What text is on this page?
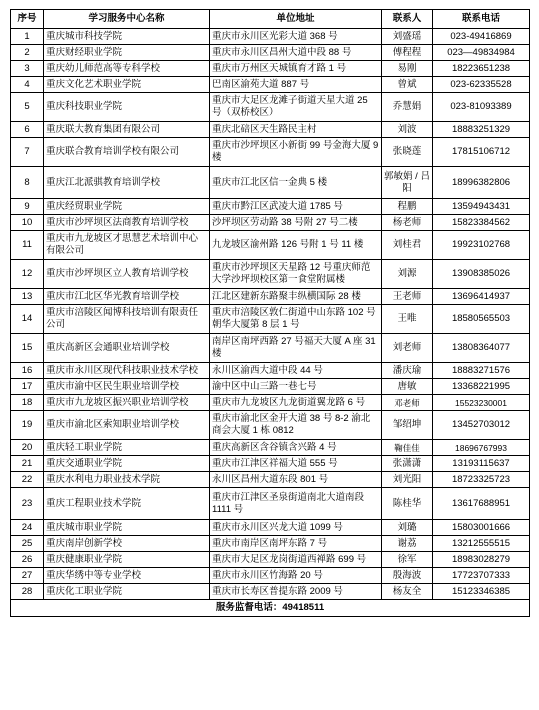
序号	学习服务中心名称	单位地址	联系人	联系电话
1	重庆城市科技学院	重庆市永川区光彩大道 368 号	刘盛瑶	023-49416869
2	重庆财经职业学院	重庆市永川区昌州大道中段 88 号	傅程程	023—49834984
3	重庆幼儿师范高等专科学校	重庆市万州区天城镇育才路 1 号	易刚	18223651238
4	重庆文化艺术职业学院	巴南区渝苑大道 887 号	曾斌	023-62335528
5	重庆科技职业学院	重庆市大足区龙滩子街道天星大道 25 号（双桥校区）	乔慧娟	023-81093389
6	重庆联大教育集团有限公司	重庆北碚区天生路民主村	刘波	18883251329
7	重庆联合教育培训学校有限公司	重庆市沙坪坝区小新街 99 号金海大厦 9 楼	张晓莲	17815106712
8	重庆江北派骐教育培训学校	重庆市江北区信一金典 5 楼	郭敏娟 / 吕阳	18996382806
9	重庆经贸职业学院	重庆市黔江区武凌大道 1785 号	程鹏	13594943431
10	重庆市沙坪坝区法商教育培训学校	沙坪坝区劳动路 38 号附 27 号二楼	杨老师	15823384562
11	重庆市九龙坡区才思慧艺术培训中心有限公司	九龙坡区渝州路 126 号附 1 号 11 楼	刘桂君	19923102768
12	重庆市沙坪坝区立人教育培训学校	重庆市沙坪坝区天星路 12 号重庆师范大学沙坪坝校区第一食堂附属楼	刘源	13908385026
13	重庆市江北区华光教育培训学校	江北区建新东路聚丰纵横国际 28 楼	王老师	13696414937
14	重庆市涪陵区闻博科技培训有限责任公司	重庆市涪陵区敦仁街道中山东路 102 号朝华大厦第 8 层 1 号	王唯	18580565503
15	重庆高新区会通职业培训学校	南岸区南坪西路 27 号福天大厦 A 座 31 楼	刘老师	13808364077
16	重庆市永川区现代科技职业技术学校	永川区渝西大道中段 44 号	潘庆瑜	18883271576
17	重庆市渝中区民生职业培训学校	渝中区中山三路一巷七号	唐敏	13368221995
18	重庆市九龙坡区振兴职业培训学校	重庆市九龙坡区九龙街道翼龙路 6 号	邓老师	15523230001
19	重庆市渝北区索知职业培训学校	重庆市渝北区金开大道 38 号 8-2 渝北商会大厦 1 栋 0812	邹绍坤	13452703012
20	重庆轻工职业学院	重庆高新区含谷镇含兴路 4 号	鞠佳佳	18696767993
21	重庆交通职业学院	重庆市江津区祥福大道 555 号	张潇潇	13193115637
22	重庆水利电力职业技术学院	永川区昌州大道东段 801 号	刘光阳	18723325723
23	重庆工程职业技术学院	重庆市江津区圣泉街道南北大道南段 1111 号	陈桂华	13617688951
24	重庆城市职业学院	重庆市永川区兴龙大道 1099 号	刘璐	15803001666
25	重庆南岸创新学校	重庆市南岸区南坪东路 7 号	谢荔	13212555515
26	重庆健康职业学院	重庆市大足区龙岗街道西禅路 699 号	徐军	18983028279
27	重庆华绣中等专业学校	重庆市永川区竹海路 20 号	殷海波	17723707333
28	重庆化工职业学院	重庆市长寿区普提东路 2009 号	杨友全	15123346385
服务监督电话：49418511				
